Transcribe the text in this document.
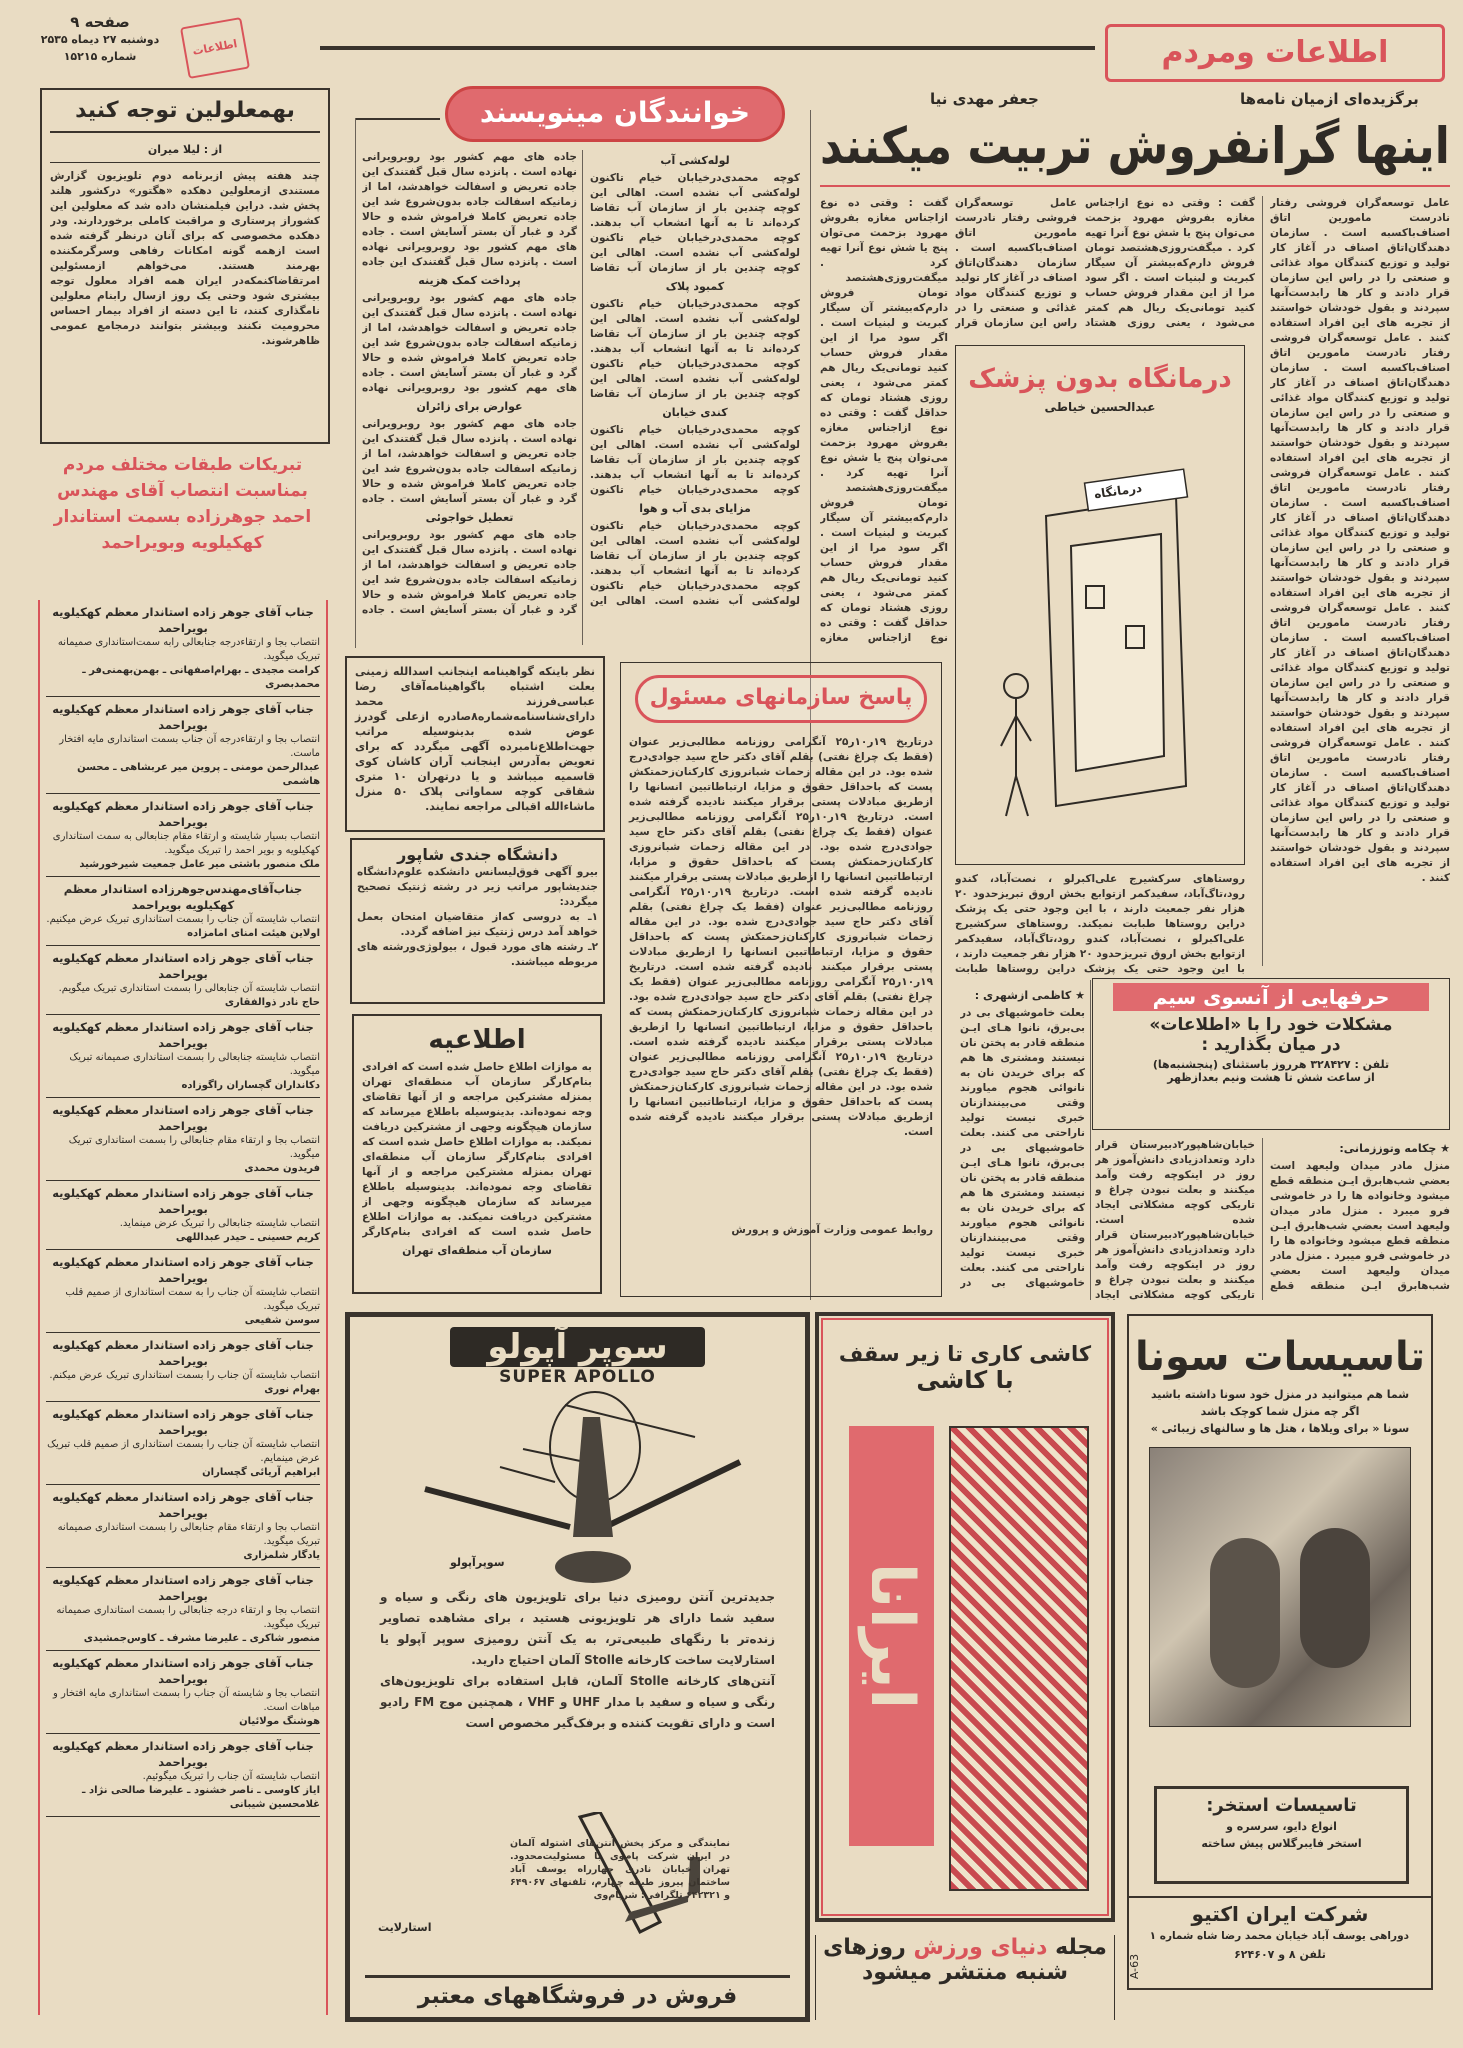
صفحه ۹
دوشنبه ۲۷ دیماه ۲۵۳۵
شماره ۱۵۲۱۵	اطلاعات	اطلاعات ومردم
برگزیده‌ای ازمیان نامه‌ها
جعفر مهدی نیا
اینها گرانفروش تربیت میکنند
عامل توسعه‌گران فروشی رفتار نادرست مامورین اتاق اصناف‌باکسبه است . سازمان دهندگان‌اتاق اصناف در آغاز کار تولید و توزیع کنندگان مواد غذائی و صنعتی را در راس این سازمان قرار دادند و کار ها رابدست‌آنها سپردند و بقول خودشان خواستند از تجربه های این افراد استفاده کنند . عامل توسعه‌گران فروشی رفتار نادرست مامورین اتاق اصناف‌باکسبه است . سازمان دهندگان‌اتاق اصناف در آغاز کار تولید و توزیع کنندگان مواد غذائی و صنعتی را در راس این سازمان قرار دادند و کار ها رابدست‌آنها سپردند و بقول خودشان خواستند از تجربه های این افراد استفاده کنند . عامل توسعه‌گران فروشی رفتار نادرست مامورین اتاق اصناف‌باکسبه است . سازمان دهندگان‌اتاق اصناف در آغاز کار تولید و توزیع کنندگان مواد غذائی و صنعتی را در راس این سازمان قرار دادند و کار ها رابدست‌آنها سپردند و بقول خودشان خواستند از تجربه های این افراد استفاده کنند . عامل توسعه‌گران فروشی رفتار نادرست مامورین اتاق اصناف‌باکسبه است . سازمان دهندگان‌اتاق اصناف در آغاز کار تولید و توزیع کنندگان مواد غذائی و صنعتی را در راس این سازمان قرار دادند و کار ها رابدست‌آنها سپردند و بقول خودشان خواستند از تجربه های این افراد استفاده کنند . عامل توسعه‌گران فروشی رفتار نادرست مامورین اتاق اصناف‌باکسبه است . سازمان دهندگان‌اتاق اصناف در آغاز کار تولید و توزیع کنندگان مواد غذائی و صنعتی را در راس این سازمان قرار دادند و کار ها رابدست‌آنها سپردند و بقول خودشان خواستند از تجربه های این افراد استفاده کنند .
گفت : وقتی ده نوع ازاجناس مغازه بفروش مهرود بزحمت می‌توان پنج یا شش نوع آنرا تهیه کرد . میگفت‌روزی‌هشتصد تومان فروش دارم‌که‌بیشتر آن سیگار کبریت و لبنیات است . اگر سود مرا از این مقدار فروش حساب کنید تومانی‌یک ریال هم کمتر می‌شود ، یعنی روزی هشتاد
عامل توسعه‌گران فروشی رفتار نادرست مامورین اتاق اصناف‌باکسبه است . سازمان دهندگان‌اتاق اصناف در آغاز کار تولید و توزیع کنندگان مواد غذائی و صنعتی را در راس این سازمان قرار
گفت : وقتی ده نوع ازاجناس مغازه بفروش مهرود بزحمت می‌توان پنج یا شش نوع آنرا تهیه کرد . میگفت‌روزی‌هشتصد تومان فروش دارم‌که‌بیشتر آن سیگار کبریت و لبنیات است . اگر سود مرا از این مقدار فروش حساب کنید تومانی‌یک ریال هم کمتر می‌شود ، یعنی روزی هشتاد تومان که حداقل گفت : وقتی ده نوع ازاجناس مغازه بفروش مهرود بزحمت می‌توان پنج یا شش نوع آنرا تهیه کرد . میگفت‌روزی‌هشتصد تومان فروش دارم‌که‌بیشتر آن سیگار کبریت و لبنیات است . اگر سود مرا از این مقدار فروش حساب کنید تومانی‌یک ریال هم کمتر می‌شود ، یعنی روزی هشتاد تومان که حداقل گفت : وقتی ده نوع ازاجناس مغازه
درمانگاه بدون پزشک
عبدالحسین خیاطی
درمانگاه
روستاهای سرکشیرج علی‌اکبرلو ، نصت‌آباد، کندو رود،تاگ‌آباد، سفیدکمر ازتوابع بخش اروق تبریزحدود ۲۰ هزار نفر جمعیت دارند ، با این وجود حتی یک پزشک دراین روستاها طبابت نمیکند. روستاهای سرکشیرج علی‌اکبرلو ، نصت‌آباد، کندو رود،تاگ‌آباد، سفیدکمر ازتوابع بخش اروق تبریزحدود ۲۰ هزار نفر جمعیت دارند ، با این وجود حتی یک پزشک دراین روستاها طبابت
حرفهایی از آنسوی سیم
مشکلات خود را با «اطلاعات»
در میان بگذارید :
تلفن : ۳۲۸۴۲۷ هرروز باستثنای (پنجشنبه‌ها)
از ساعت شش تا هشت ونیم بعدازظهر
★ کاظمی ازشهری :
بعلت خاموشیهای بی در بی‌برق، نانوا هـای ایـن منطقه قادر به پختن نان نیستند ومشتری ها هم که برای خریدن نان به نانوائی هجوم میاورند وقتی می‌بینندازنان خبری نیست تولید ناراحتی می کنند. بعلت خاموشیهای بی در بی‌برق، نانوا هـای ایـن منطقه قادر به پختن نان نیستند ومشتری ها هم که برای خریدن نان به نانوائی هجوم میاورند وقتی می‌بینندازنان خبری نیست تولید ناراحتی می کنند. بعلت خاموشیهای بی در
خیابان‌شاهپور۲دبیرستان قرار دارد وتعدادزیادی دانش‌آموز هر روز در اینکوچه رفت وآمد میکنند و بعلت نبودن چراغ و تاریکی کوچه مشکلاتی ایجاد شده است. خیابان‌شاهپور۲دبیرستان قرار دارد وتعدادزیادی دانش‌آموز هر روز در اینکوچه رفت وآمد میکنند و بعلت نبودن چراغ و تاریکی کوچه مشکلاتی ایجاد
★ چکامه وتوززمانی:
منزل مادر میدان ولیعهد است بعضي شب‌هابرق ایـن منطقه قطع میشود وخانواده ها را در خاموشی فرو میبرد . منزل مادر میدان ولیعهد است بعضي شب‌هابرق ایـن منطقه قطع میشود وخانواده ها را در خاموشی فرو میبرد . منزل مادر میدان ولیعهد است بعضي شب‌هابرق ایـن منطقه قطع
خوانندگان مینویسند
جاده های مهم کشور بود روبرویرانی نهاده است . پانزده سال قبل گفتندک این جاده تعریض و اسفالت خواهدشد، اما از زمانیکه اسفالت جاده بدون‌شروع شد این جاده تعریض کاملا فراموش شده و حالا گرد و غبار آن بستر آسایش است . جاده های مهم کشور بود روبرویرانی نهاده است . پانزده سال قبل گفتندک این جاده
پرداخت کمک هزینه
جاده های مهم کشور بود روبرویرانی نهاده است . پانزده سال قبل گفتندک این جاده تعریض و اسفالت خواهدشد، اما از زمانیکه اسفالت جاده بدون‌شروع شد این جاده تعریض کاملا فراموش شده و حالا گرد و غبار آن بستر آسایش است . جاده های مهم کشور بود روبرویرانی نهاده
عوارض برای زائران
جاده های مهم کشور بود روبرویرانی نهاده است . پانزده سال قبل گفتندک این جاده تعریض و اسفالت خواهدشد، اما از زمانیکه اسفالت جاده بدون‌شروع شد این جاده تعریض کاملا فراموش شده و حالا گرد و غبار آن بستر آسایش است . جاده
تعطیل خواجوئی
جاده های مهم کشور بود روبرویرانی نهاده است . پانزده سال قبل گفتندک این جاده تعریض و اسفالت خواهدشد، اما از زمانیکه اسفالت جاده بدون‌شروع شد این جاده تعریض کاملا فراموش شده و حالا گرد و غبار آن بستر آسایش است . جاده
لوله‌کشی آب
کوچه محمدی‌درخیابان خیام تاکنون لوله‌کشی آب نشده است. اهالی این کوچه چندین بار از سازمان آب تقاضا کرده‌اند تا به آنها انشعاب آب بدهند. کوچه محمدی‌درخیابان خیام تاکنون لوله‌کشی آب نشده است. اهالی این کوچه چندین بار از سازمان آب تقاضا
کمبود پلاک
کوچه محمدی‌درخیابان خیام تاکنون لوله‌کشی آب نشده است. اهالی این کوچه چندین بار از سازمان آب تقاضا کرده‌اند تا به آنها انشعاب آب بدهند. کوچه محمدی‌درخیابان خیام تاکنون لوله‌کشی آب نشده است. اهالی این کوچه چندین بار از سازمان آب تقاضا
کندی خیابان
کوچه محمدی‌درخیابان خیام تاکنون لوله‌کشی آب نشده است. اهالی این کوچه چندین بار از سازمان آب تقاضا کرده‌اند تا به آنها انشعاب آب بدهند. کوچه محمدی‌درخیابان خیام تاکنون
مزایای بدی آب و هوا
کوچه محمدی‌درخیابان خیام تاکنون لوله‌کشی آب نشده است. اهالی این کوچه چندین بار از سازمان آب تقاضا کرده‌اند تا به آنها انشعاب آب بدهند. کوچه محمدی‌درخیابان خیام تاکنون لوله‌کشی آب نشده است. اهالی این
پاسخ سازمانهای مسئول
درتاریخ ۱۹ر۱۰ر۲۵ آنگرامی روزنامه مطالبی‌زیر عنوان (فقط یک چراغ نفتی) بقلم آقای دکتر حاج سید جوادی‌درج شده بود. در این مقاله زحمات شبانروزی کارکنان‌زحمتکش پست که باحداقل حقوق و مزایا، ارتباطاتبین انسانها را ازطریق مبادلات پستی برقرار میکنند نادیده گرفته شده است. درتاریخ ۱۹ر۱۰ر۲۵ آنگرامی روزنامه مطالبی‌زیر عنوان (فقط یک چراغ نفتی) بقلم آقای دکتر حاج سید جوادی‌درج شده بود. در این مقاله زحمات شبانروزی کارکنان‌زحمتکش پست که باحداقل حقوق و مزایا، ارتباطاتبین انسانها را ازطریق مبادلات پستی برقرار میکنند نادیده گرفته شده است. درتاریخ ۱۹ر۱۰ر۲۵ آنگرامی روزنامه مطالبی‌زیر عنوان (فقط یک چراغ نفتی) بقلم آقای دکتر حاج سید جوادی‌درج شده بود. در این مقاله زحمات شبانروزی کارکنان‌زحمتکش پست که باحداقل حقوق و مزایا، ارتباطاتبین انسانها را ازطریق مبادلات پستی برقرار میکنند نادیده گرفته شده است. درتاریخ ۱۹ر۱۰ر۲۵ آنگرامی روزنامه مطالبی‌زیر عنوان (فقط یک چراغ نفتی) بقلم آقای دکتر حاج سید جوادی‌درج شده بود. در این مقاله زحمات شبانروزی کارکنان‌زحمتکش پست که باحداقل حقوق و مزایا، ارتباطاتبین انسانها را ازطریق مبادلات پستی برقرار میکنند نادیده گرفته شده است. درتاریخ ۱۹ر۱۰ر۲۵ آنگرامی روزنامه مطالبی‌زیر عنوان (فقط یک چراغ نفتی) بقلم آقای دکتر حاج سید جوادی‌درج شده بود. در این مقاله زحمات شبانروزی کارکنان‌زحمتکش پست که باحداقل حقوق و مزایا، ارتباطاتبین انسانها را ازطریق مبادلات پستی برقرار میکنند نادیده گرفته شده است.
روابط عمومی وزارت آموزش و پرورش
نظر باینکه گواهینامه اینجانب اسدالله زمینی بعلت اشتباه باگواهینامه‌آقای رضا عباسی‌فرزند محمد دارای‌شناسنامه‌شماره۸صادره ازعلی گودرز عوض شده بدینوسیله مراتب جهت‌اطلاع‌نامبرده آگهی میگردد که برای تعویض به‌آدرس اینجانب آران کاشان کوی قاسمیه میباشد و یا درتهران ۱۰ متری شقاقی کوچه سماواتی پلاک ۵۰ منزل ماشاءالله اقبالی مراجعه نمایند.
دانشگاه جندی شاپور
بیرو آگهی فوق‌لیسانس دانشکده علوم‌دانشگاه جندیشاپور مراتب زیر در رشته ژنتیک تصحیح میگردد:
۱ـ به دروسی که‌از متقاضیان امتحان بعمل خواهد آمد درس ژنتیک نیز اضافه گردد.
۲ـ رشته های مورد قبول ، بیولوژی‌ورشته های مربوطه میباشند.
اطلاعیه
به موازات اطلاع حاصل شده است که افرادی بنام‌کارگر سازمان آب منطقه‌ای تهران بمنزله مشترکین مراجعه و از آنها تقاضای وجه نموده‌اند. بدینوسیله باطلاع میرساند که سازمان هیچگونه وجهی از مشترکین دریافت نمیکند. به موازات اطلاع حاصل شده است که افرادی بنام‌کارگر سازمان آب منطقه‌ای تهران بمنزله مشترکین مراجعه و از آنها تقاضای وجه نموده‌اند. بدینوسیله باطلاع میرساند که سازمان هیچگونه وجهی از مشترکین دریافت نمیکند. به موازات اطلاع حاصل شده است که افرادی بنام‌کارگر
سازمان آب منطقه‌ای تهران
بهمعلولین توجه کنید
از : لیلا میران
چند هفته پیش ازبرنامه دوم تلویزیون گزارش مستندی ازمعلولین دهکده «هگتور» درکشور هلند پخش شد. دراین فیلمنشان داده شد که معلولین این کشوراز پرستاری و مراقبت کاملی برخوردارند. ودر دهکده مخصوصی که برای آنان درنظر گرفته شده است ازهمه گونه امکانات رفاهی وسرگرمکننده بهرمند هستند. می‌خواهم ازمسئولین امرتقاضاکنمکه‌در ایران همه افراد معلول توجه بیشتری شود وحتی یک روز ازسال رابنام معلولین نامگذاری کنند، تا این دسته از افراد بیمار احساس محرومیت نکنند وبیشتر بتوانند درمجامع عمومی ظاهرشوند.
تبریکات طبقات مختلف مردم بمناسبت انتصاب آقای مهندس احمد جوهرزاده بسمت استاندار کهکیلویه وبویراحمد
جناب آقای جوهر زاده استاندار معظم کهکیلویه بویراحمد
انتصاب بجا و ارتقاءدرجه جنابعالی رابه سمت‌استانداری صمیمانه تبریک میگوید.
کرامت مجیدی ـ بهرام‌اصفهانی ـ بهمن‌بهمنی‌فر ـ محمدبصری
جناب آقای جوهر زاده استاندار معظم کهکیلویه بویراحمد
انتصاب بجا و ارتقاءدرجه آن جناب بسمت استانداری مایه افتخار ماست.
عبدالرحمن مومنی ـ پروین میر عربشاهی ـ محسن هاشمی
جناب آقای جوهر زاده استاندار معظم کهکیلویه بویراحمد
انتصاب بسیار شایسته و ارتقاء مقام جنابعالی به سمت استانداری کهکیلویه و بویر احمد را تبریک میگوید.
ملک منصور باشتی میر عامل جمعیت شیرخورشید
جناب‌آقای‌مهندس‌جوهرزاده استاندار معظم کهکیلویه بویراحمد
انتصاب شایسته آن جناب را بسمت استانداری تبریک عرض میکنیم.
اولاین هیئت امنای امامزاده
جناب آقای جوهر زاده استاندار معظم کهکیلویه بویراحمد
انتصاب شایسته آن جنابعالی را بسمت استانداری تبریک میگویم.
حاج نادر ذوالفقاری
جناب آقای جوهر زاده استاندار معظم کهکیلویه بویراحمد
انتصاب شایسته جنابعالی را بسمت استانداری صمیمانه تبریک میگوید.
دکانداران گچساران راگوزاده
جناب آقای جوهر زاده استاندار معظم کهکیلویه بویراحمد
انتصاب بجا و ارتقاء مقام جنابعالی را بسمت استانداری تبریک میگوید.
فریدون محمدی
جناب آقای جوهر زاده استاندار معظم کهکیلویه بویراحمد
انتصاب شایسته جنابعالی را تبریک عرض مینماید.
کریم حسینی ـ حیدر عبداللهی
جناب آقای جوهر زاده استاندار معظم کهکیلویه بویراحمد
انتصاب شایسته آن جناب را به سمت استانداری از صمیم قلب تبریک میگوید.
سوسن شفیعی
جناب آقای جوهر زاده استاندار معظم کهکیلویه بویراحمد
انتصاب شایسته آن جناب را بسمت استانداری تبریک عرض میکنم.
بهرام نوری
جناب آقای جوهر زاده استاندار معظم کهکیلویه بویراحمد
انتصاب شایسته آن جناب را بسمت استانداری از صمیم قلب تبریک عرض مینمایم.
ابراهیم آریائی گچساران
جناب آقای جوهر زاده استاندار معظم کهکیلویه بویراحمد
انتصاب بجا و ارتقاء مقام جنابعالی را بسمت استانداری صمیمانه تبریک میگوید.
یادگار شلمزاری
جناب آقای جوهر زاده استاندار معظم کهکیلویه بویراحمد
انتصاب بجا و ارتقاء درجه جنابعالی را بسمت استانداری صمیمانه تبریک میگوید.
منصور شاکری ـ علیرضا مشرف ـ کاوس‌جمشیدی
جناب آقای جوهر زاده استاندار معظم کهکیلویه بویراحمد
انتصاب بجا و شایسته آن جناب را بسمت استانداری مایه افتخار و مباهات است.
هوشنگ مولائیان
جناب آقای جوهر زاده استاندار معظم کهکیلویه بویراحمد
انتصاب شایسته آن جناب را تبریک میگوئیم.
ایاز کاوسی ـ ناصر خشنود ـ علیرضا صالحی نژاد ـ غلامحسین شیبانی
سوپر آپولو
SUPER APOLLO
سوپرآپولو
جدیدترین آنتن رومیزی دنیا برای تلویزیون های رنگی و سیاه و سفید شما دارای هر تلویزیونی هستید ، برای مشاهده تصاویر زنده‌تر با رنگهای طبیعی‌تر، به یک آنتن رومیزی سوپر آپولو یا استارلایت ساخت کارخانه Stolle آلمان احتیاج دارید.
آنتن‌های کارخانه Stolle آلمان، قابل استفاده برای تلویزیون‌های رنگی و سیاه و سفید با مدار UHF و VHF ، همچنین موج FM رادیو است و دارای تقویت کننده و برفک‌گیر مخصوص است
استارلایت
نمایندگی و مرکز پخش آنتن‌های اشتوله آلمان در ایران شرکت پام‌وی با مسئولیت‌محدود. تهران خیابان نادری چهارراه یوسف آباد ساختمان پیروز طبقه چهارم، تلفنهای ۶۴۹۰۶۷ و ۶۴۲۳۲۱ تلگرافی: شرپام‌وی
فروش در فروشگاههای معتبر
کاشی کاری تا زیر سقف
با کاشی
ایرانا
مجله دنیای ورزش روزهای
شنبه منتشر میشود
تاسیسات سونا
شما هم میتوانید در منزل خود سونا داشته باشید
اگر چه منزل شما کوچک باشد
سونا « برای ویلاها ، هتل ها و سالنهای زیبائی »
تاسیسات استخر:
انواع دایو، سرسره و
استخر فایبرگلاس پیش ساخته
شرکت ایران اکتیو
دوراهی یوسف آباد خیابان محمد رضا شاه شماره ۱
تلفن ۸ و ۶۲۴۶۰۷
A-63
